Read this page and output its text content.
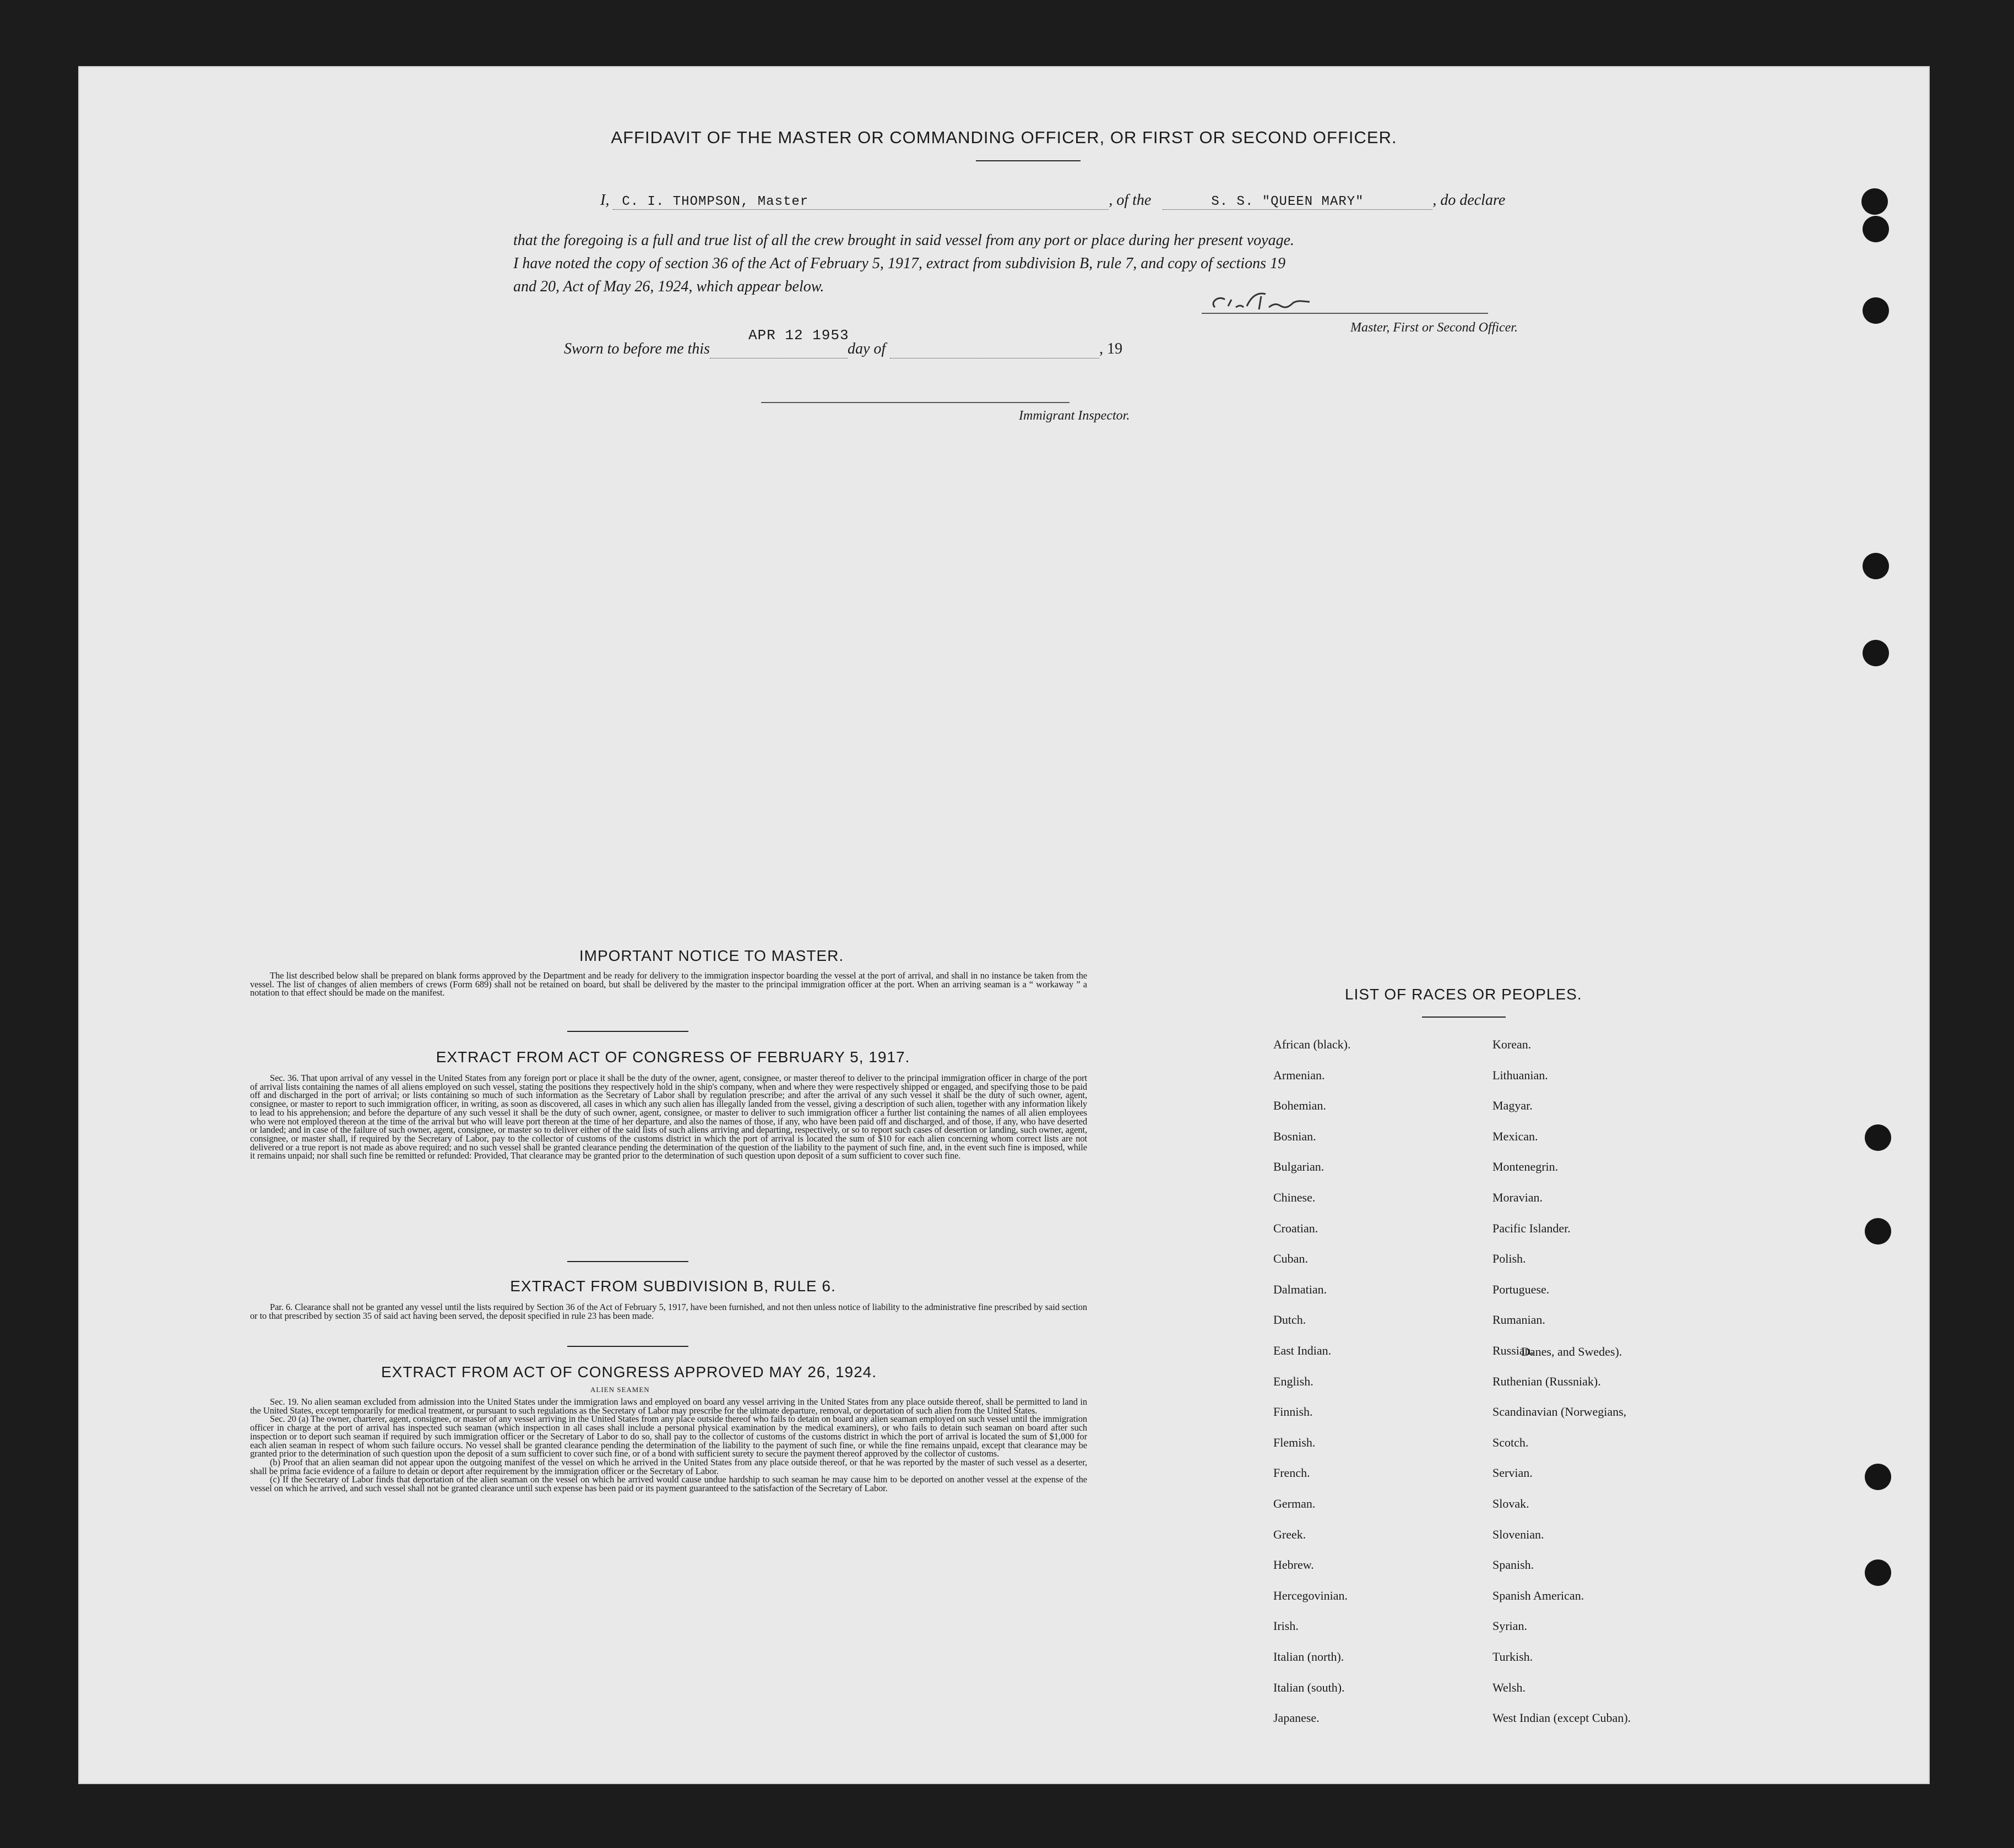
AFFIDAVIT OF THE MASTER OR COMMANDING OFFICER, OR FIRST OR SECOND OFFICER.
I, C. I. THOMPSON, Master	, of the	S. S. "QUEEN MARY"	, do declare
that the foregoing is a full and true list of all the crew brought in said vessel from any port or place during her present voyage.
I have noted the copy of section 36 of the Act of February 5, 1917, extract from subdivision B, rule 7, and copy of sections 19
and 20, Act of May 26, 1924, which appear below.
Master, First or Second Officer.
Sworn to before me this
APR 12 1953
day of	, 19
Immigrant Inspector.
IMPORTANT NOTICE TO MASTER.

The list described below shall be prepared on blank forms approved by the Department and be ready for delivery to the immigration inspector boarding the vessel at the port of arrival, and shall in no instance be taken from the vessel. The list of changes of alien members of crews (Form 689) shall not be retained on board, but shall be delivered by the master to the principal immigration officer at the port. When an arriving seaman is a “ workaway ” a notation to that effect should be made on the manifest.

EXTRACT FROM ACT OF CONGRESS OF FEBRUARY 5, 1917.

Sec. 36. That upon arrival of any vessel in the United States from any foreign port or place it shall be the duty of the owner, agent, consignee, or master thereof to deliver to the principal immigration officer in charge of the port of arrival lists containing the names of all aliens employed on such vessel, stating the positions they respectively hold in the ship's company, when and where they were respectively shipped or engaged, and specifying those to be paid off and discharged in the port of arrival; or lists containing so much of such information as the Secretary of Labor shall by regulation prescribe; and after the arrival of any such vessel it shall be the duty of such owner, agent, consignee, or master to report to such immigration officer, in writing, as soon as discovered, all cases in which any such alien has illegally landed from the vessel, giving a description of such alien, together with any information likely to lead to his apprehension; and before the departure of any such vessel it shall be the duty of such owner, agent, consignee, or master to deliver to such immigration officer a further list containing the names of all alien employees who were not employed thereon at the time of the arrival but who will leave port thereon at the time of her departure, and also the names of those, if any, who have been paid off and discharged, and of those, if any, who have deserted or landed; and in case of the failure of such owner, agent, consignee, or master so to deliver either of the said lists of such aliens arriving and departing, respectively, or so to report such cases of desertion or landing, such owner, agent, consignee, or master shall, if required by the Secretary of Labor, pay to the collector of customs of the customs district in which the port of arrival is located the sum of $10 for each alien concerning whom correct lists are not delivered or a true report is not made as above required; and no such vessel shall be granted clearance pending the determination of the question of the liability to the payment of such fine, and, in the event such fine is imposed, while it remains unpaid; nor shall such fine be remitted or refunded: Provided, That clearance may be granted prior to the determination of such question upon deposit of a sum sufficient to cover such fine.

EXTRACT FROM SUBDIVISION B, RULE 6.

Par. 6. Clearance shall not be granted any vessel until the lists required by Section 36 of the Act of February 5, 1917, have been furnished, and not then unless notice of liability to the administrative fine prescribed by said section or to that prescribed by section 35 of said act having been served, the deposit specified in rule 23 has been made.

EXTRACT FROM ACT OF CONGRESS APPROVED MAY 26, 1924.
ALIEN SEAMEN

Sec. 19. No alien seaman excluded from admission into the United States under the immigration laws and employed on board any vessel arriving in the United States from any place outside thereof, shall be permitted to land in the United States, except temporarily for medical treatment, or pursuant to such regulations as the Secretary of Labor may prescribe for the ultimate departure, removal, or deportation of such alien from the United States.

Sec. 20 (a) The owner, charterer, agent, consignee, or master of any vessel arriving in the United States from any place outside thereof who fails to detain on board any alien seaman employed on such vessel until the immigration officer in charge at the port of arrival has inspected such seaman (which inspection in all cases shall include a personal physical examination by the medical examiners), or who fails to detain such seaman on board after such inspection or to deport such seaman if required by such immigration officer or the Secretary of Labor to do so, shall pay to the collector of customs of the customs district in which the port of arrival is located the sum of $1,000 for each alien seaman in respect of whom such failure occurs. No vessel shall be granted clearance pending the determination of the liability to the payment of such fine, or while the fine remains unpaid, except that clearance may be granted prior to the determination of such question upon the deposit of a sum sufficient to cover such fine, or of a bond with sufficient surety to secure the payment thereof approved by the collector of customs.

(b) Proof that an alien seaman did not appear upon the outgoing manifest of the vessel on which he arrived in the United States from any place outside thereof, or that he was reported by the master of such vessel as a deserter, shall be prima facie evidence of a failure to detain or deport after requirement by the immigration officer or the Secretary of Labor.

(c) If the Secretary of Labor finds that deportation of the alien seaman on the vessel on which he arrived would cause undue hardship to such seaman he may cause him to be deported on another vessel at the expense of the vessel on which he arrived, and such vessel shall not be granted clearance until such expense has been paid or its payment guaranteed to the satisfaction of the Secretary of Labor.

LIST OF RACES OR PEOPLES.
Danes, and Swedes).
African (black).
Armenian.
Bohemian.
Bosnian.
Bulgarian.
Chinese.
Croatian.
Cuban.
Dalmatian.
Dutch.
East Indian.
English.
Finnish.
Flemish.
French.
German.
Greek.
Hebrew.
Hercegovinian.
Irish.
Italian (north).
Italian (south).
Japanese.
Korean.
Lithuanian.
Magyar.
Mexican.
Montenegrin.
Moravian.
Pacific Islander.
Polish.
Portuguese.
Rumanian.
Russian.
Ruthenian (Russniak).
Scandinavian (Norwegians,
Scotch.
Servian.
Slovak.
Slovenian.
Spanish.
Spanish American.
Syrian.
Turkish.
Welsh.
West Indian (except Cuban).
